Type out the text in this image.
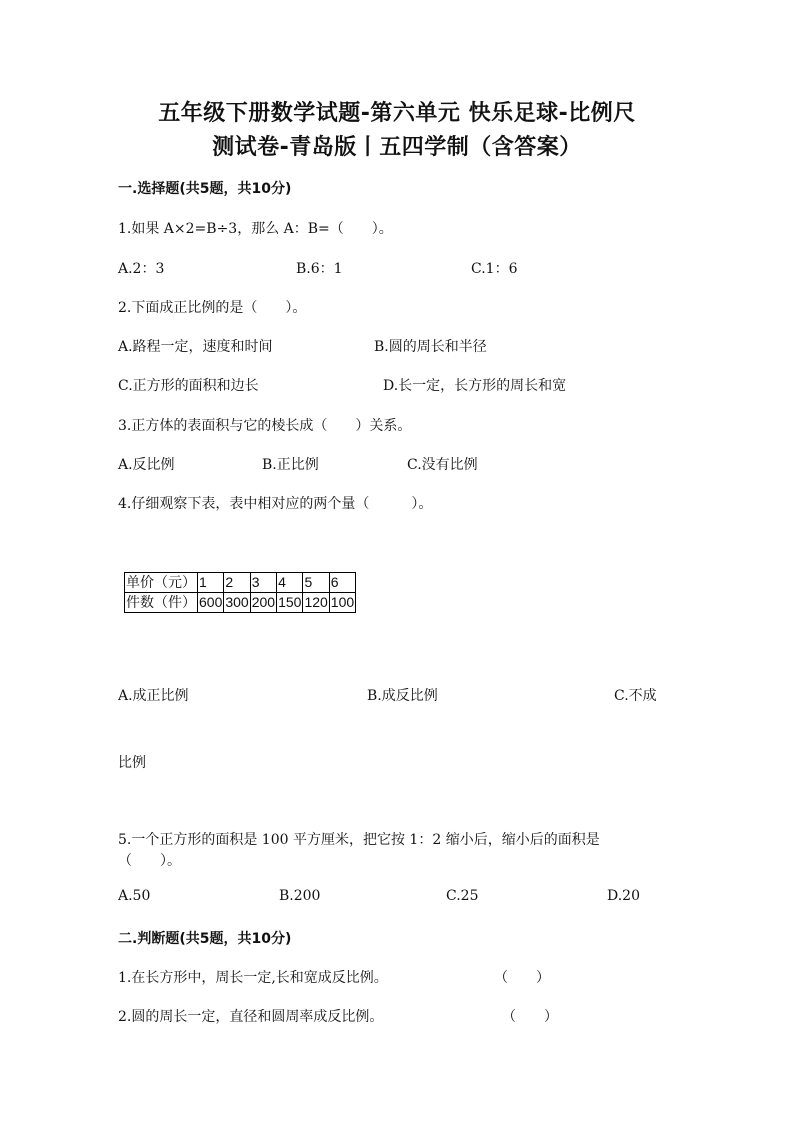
五年级下册数学试题-第六单元 快乐足球-比例尺
测试卷-青岛版丨五四学制（含答案）
一.选择题(共5题，共10分)
1.如果 A×2=B÷3，那么 A：B=（　　）。
A.2：3	B.6：1	C.1：6
2.下面成正比例的是（　　）。
A.路程一定，速度和时间	B.圆的周长和半径
C.正方形的面积和边长	D.长一定，长方形的周长和宽
3.正方体的表面积与它的棱长成（　　）关系。
A.反比例	B.正比例	C.没有比例
4.仔细观察下表，表中相对应的两个量（　　　）。
单价（元）	1	2	3	4	5	6
件数（件）	600	300	200	150	120	100
A.成正比例	B.成反比例	C.不成
比例
5.一个正方形的面积是 100 平方厘米，把它按 1：2 缩小后，缩小后的面积是
（　　）。
A.50	B.200	C.25	D.20
二.判断题(共5题，共10分)
1.在长方形中，周长一定,长和宽成反比例。	（　　）
2.圆的周长一定，直径和圆周率成反比例。	（　　）
